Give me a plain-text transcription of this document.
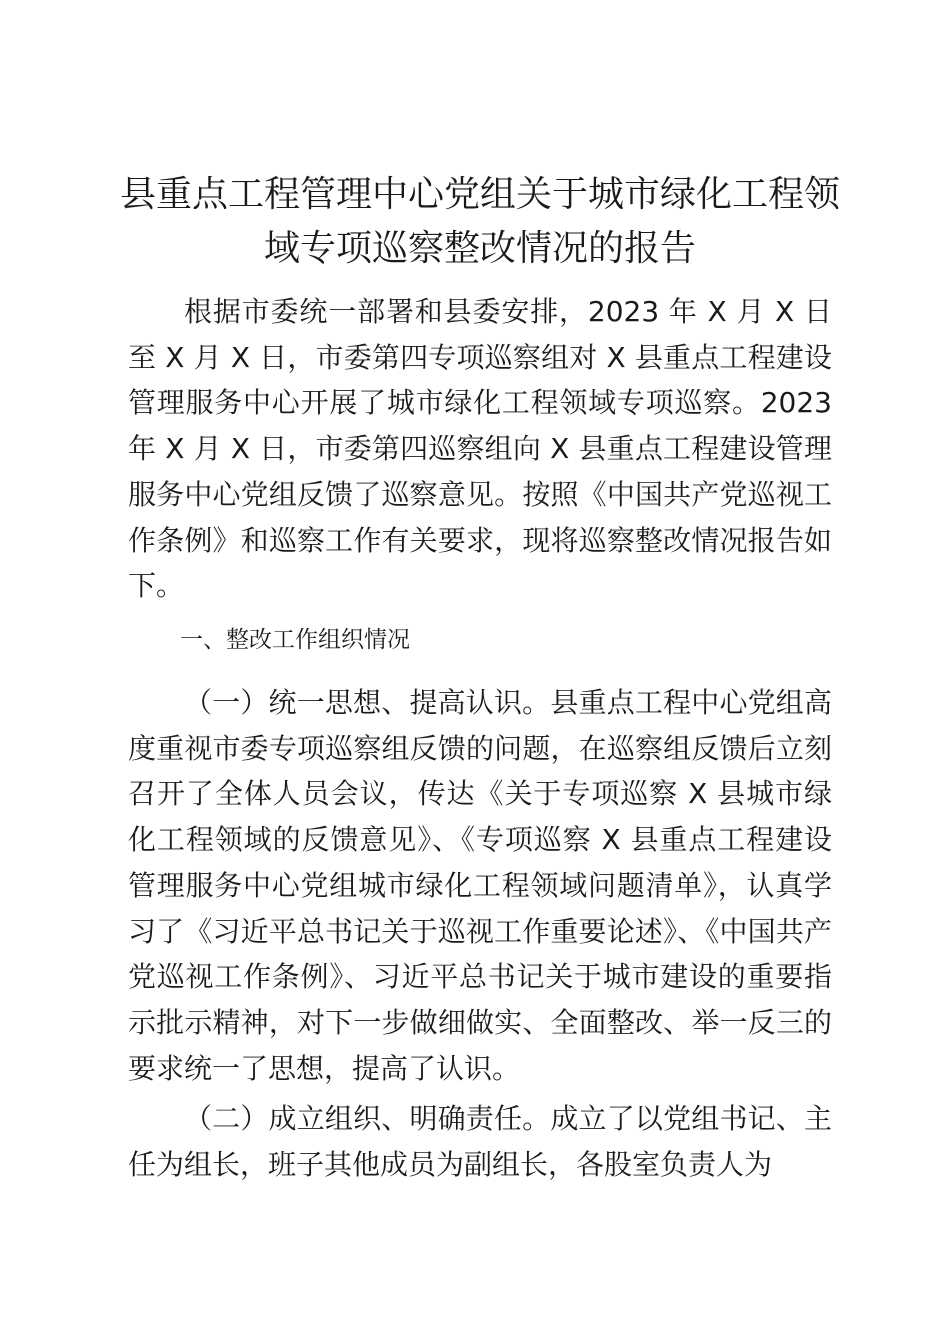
县重点工程管理中心党组关于城市绿化工程领
域专项巡察整改情况的报告

根据市委统一部署和县委安排，2023 年 X 月 X 日至 X 月 X 日，市委第四专项巡察组对 X 县重点工程建设管理服务中心开展了城市绿化工程领域专项巡察。2023 年 X 月 X 日，市委第四巡察组向 X 县重点工程建设管理服务中心党组反馈了巡察意见。按照《中国共产党巡视工作条例》和巡察工作有关要求，现将巡察整改情况报告如下。

一、整改工作组织情况

（一）统一思想、提高认识。县重点工程中心党组高度重视市委专项巡察组反馈的问题，在巡察组反馈后立刻召开了全体人员会议，传达《关于专项巡察 X 县城市绿化工程领域的反馈意见》、《专项巡察 X 县重点工程建设管理服务中心党组城市绿化工程领域问题清单》，认真学习了《习近平总书记关于巡视工作重要论述》、《中国共产党巡视工作条例》、习近平总书记关于城市建设的重要指示批示精神，对下一步做细做实、全面整改、举一反三的要求统一了思想，提高了认识。

（二）成立组织、明确责任。成立了以党组书记、主任为组长，班子其他成员为副组长，各股室负责人为
